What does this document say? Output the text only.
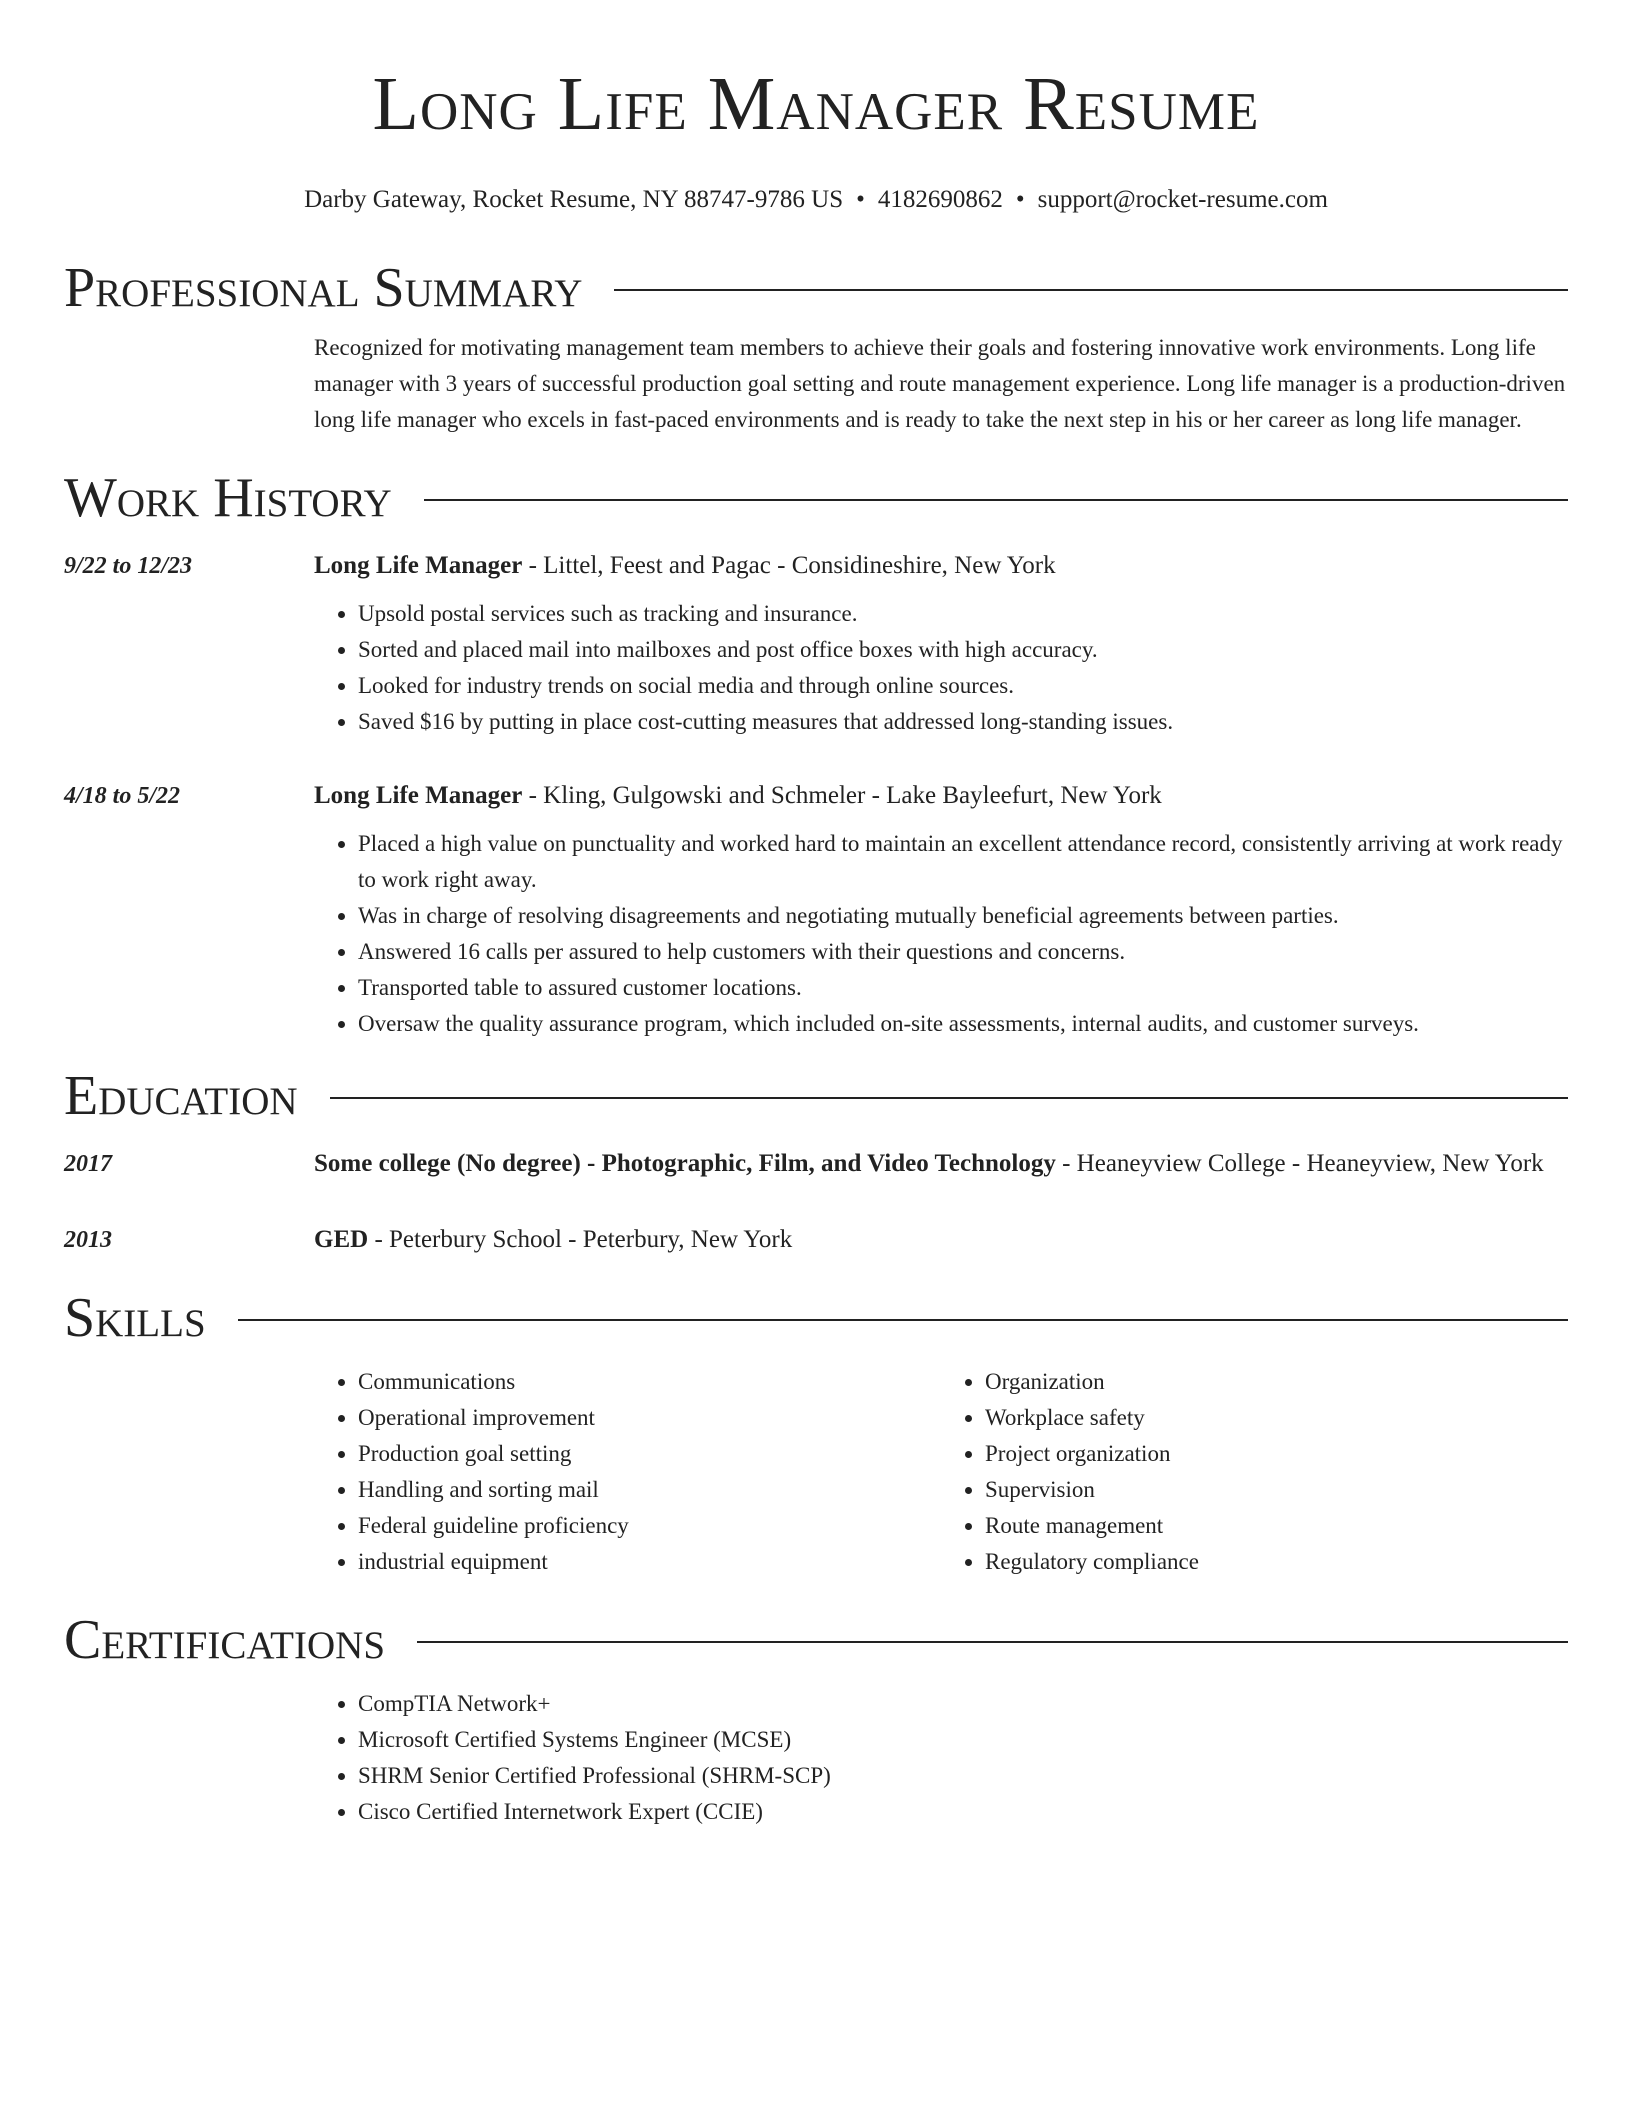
Long Life Manager Resume
Darby Gateway, Rocket Resume, NY 88747-9786 US • 4182690862 • support@rocket-resume.com
Professional Summary
Recognized for motivating management team members to achieve their goals and fostering innovative work environments. Long life manager with 3 years of successful production goal setting and route management experience. Long life manager is a production-driven long life manager who excels in fast-paced environments and is ready to take the next step in his or her career as long life manager.
Work History
9/22 to 12/23	Long Life Manager - Littel, Feest and Pagac - Considineshire, New York
• Upsold postal services such as tracking and insurance.
• Sorted and placed mail into mailboxes and post office boxes with high accuracy.
• Looked for industry trends on social media and through online sources.
• Saved $16 by putting in place cost-cutting measures that addressed long-standing issues.
4/18 to 5/22	Long Life Manager - Kling, Gulgowski and Schmeler - Lake Bayleefurt, New York
• Placed a high value on punctuality and worked hard to maintain an excellent attendance record, consistently arriving at work ready to work right away.
• Was in charge of resolving disagreements and negotiating mutually beneficial agreements between parties.
• Answered 16 calls per assured to help customers with their questions and concerns.
• Transported table to assured customer locations.
• Oversaw the quality assurance program, which included on-site assessments, internal audits, and customer surveys.
Education
2017	Some college (No degree) - Photographic, Film, and Video Technology - Heaneyview College - Heaneyview, New York
2013	GED - Peterbury School - Peterbury, New York
Skills
• Communications
• Operational improvement
• Production goal setting
• Handling and sorting mail
• Federal guideline proficiency
• industrial equipment
• Organization
• Workplace safety
• Project organization
• Supervision
• Route management
• Regulatory compliance
Certifications
• CompTIA Network+
• Microsoft Certified Systems Engineer (MCSE)
• SHRM Senior Certified Professional (SHRM-SCP)
• Cisco Certified Internetwork Expert (CCIE)
